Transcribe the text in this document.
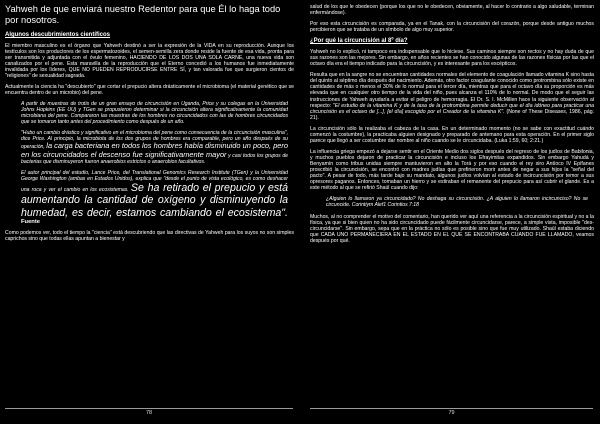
Yahweh de que enviará nuestro Redentor para que Él lo haga todo por nosotros.
Algunos descubrimientos científicos
El miembro masculino es el órgano que Yahweh destinó a ser la expresión de la VIDA en su reproducción. Aunque los testículos son los productores de los espermatozoides, el semen-semilla zera donde reside la fuente de esa vida, pronta para ser transmitida y adjuntada con el óvulo femenino, HACIENDO DE LOS DOS UNA SOLA CARNE, una nueva vida son canalizados por el pene. Esta maravilla de la reproducción que el Eterno concedió a los humanos fue inmediatamente invalidada por los líderes, QUE NO PUEDEN REPRODUCIRSE ENTRE SÍ, y tan valorada fue que surgieron cientos de "religiones" de sexualidad sagrada.
Actualmente la ciencia ha "descubierto" que cortar el prepucio altera drásticamente el microbioma (el material genético que se encuentra dentro de un microbio) del pene.
A partir de muestras de trotis de un gran ensayo de circuncisión en Uganda, Price y su colegas en la Universidad Johns Hopkins (EE UU) y TGen se propusieron determinar si la circuncisión altera significativamente la comunidad microbiana del pene. Compararon las muestras de los hombres no circuncidados con las de hombres circuncidados que se tomaron tanto antes del procedimiento como después de un año.
"Hubo un cambio drástico y significativo en el microbioma del pene como consecuencia de la circuncisión masculina", dice Price. Al principio, la microbiota de los dos grupos de hombres era comparable, pero un año después de su operación, la carga bacteriana en todos los hombres había disminuido un poco, pero en los circuncidados el descenso fue significativamente mayor y casi todos los grupos de bacterias que disminuyeron fueron anaerobios estrictos o anaerobios facultativos.
El autor principal del estudio, Lance Price, del Translational Genomics Research Institute (TGen) y la Universidad George Washington (ambas en Estados Unidos), explica que "desde el punto de vista ecológico, es como deshacer una roca y ver el cambio en los ecosistemas. Se ha retirado el prepucio y está aumentando la cantidad de oxígeno y disminuyendo la humedad, es decir, estamos cambiando el ecosistema". Fuente
Como podemos ver, todo el tiempo la "ciencia" está descubriendo que las directivas de Yahweh para los suyos no son simples caprichos sino que todas ellas apuntan a bienestar y
78
salud de los que le obedecen (porque los que no le obedecen, obviamente, al hacer lo contrario a algo saludable, terminan enfermándose).
Por eso esta circuncisión es comparada, ya en el Tanak, con la circuncisión del corazón, porque desde antiguo muchos percibieron que se trataba de un símbolo de algo muy superior.
¿Por qué la circuncisión al 8º día?
Yahweh no lo explicó, ni tampoco era indispensable que lo hiciese. Sus caminos siempre son rectos y no hay duda de que sus razones son las mejores. Sin embargo, en años recientes se han conocido algunas de las razones físicas por las que el octavo día era el tiempo indicado para la circuncisión, y es interesante para los escépticos.
Resulta que en la sangre no se encuentran cantidades normales del elemento de coagulación llamado vitamina K sino hasta del quinto al séptimo día después del nacimiento. Además, otro factor coagulante conocido como protrombina sólo existe en cantidades de más o menos el 30% de lo normal para el tercer día, mientras que para el octavo día su proporción es más elevada que en cualquier otro tiempo de la vida del niño, pues alcanza el 110% de lo normal. De modo que el seguir las instrucciones de Yahweh ayudaría a evitar el peligro de hemorragia. El Dr. S. I. McMillen hace la siguiente observación al respecto: "El estudio de la vitamina K y de la tasa de la protrombina permite deducir que el día idóneo para practicar una circuncisión es el octavo de [...], [el día] escogido por el Creador de la vitamina K". (None of These Diseases, 1986, pág. 21).
La circuncisión sólo la realizaba el cabeza de la casa. En un determinado momento (no se sabe con exactitud cuándo comenzó la costumbre), la practicaba alguien designado y preparado de antemano para esta operación. En el primer siglo parece que llegó a ser costumbre dar nombre al niño cuando se le circuncidaba. (Luka 1:59, 60; 2:21.)
La influencia griega empezó a dejarse sentir en el Oriente Medio dos siglos después del regreso de los judíos de Babilonia, y muchos pueblos dejaron de practicar la circuncisión e incluso los Efrayimitas expandidos. Sin embargo Yahudá y Benyamín como tribus unidas siempre mantuvieron en alto la Torá y por eso cuando el rey siro Antíoco IV Epífanes proscribió la circuncisión, se encontró con madres judías que prefirieron morir antes de negar a sus hijos la "señal del pacto". A pesar de todo, más tarde bajo su mandato, algunos judíos volvían al estado de incircuncisión por temor a sus opresores paganos. Entonces, tomaban un hierro y se estiraban el remanente del prepucio para así cubrir el glande. Es a este método al que se refirió Shaúl cuando dijo:
¿Alguien lo llamaron ya circuncidado? No deshaga su circuncisión. ¿A alguien lo llamaron incircunciso? No se circuncide. Corintiym Alef1 Corintios 7:18
Muchos, al no comprender el motivo del comentario, han querido ver aquí una referencia a la circuncisión espiritual y no a la física, ya que si bien quien no ha sido circuncidado puede fácilmente circuncidarse, parece, a simple vista, imposible "des-circuncidarse". Sin embargo, sepa que en la práctica no sólo es posible sino que fue muy utilizado. Shaúl estaba diciendo que CADA UNO PERMANECIERA EN EL ESTADO EN EL QUE SE ENCONTRABA CUANDO FUE LLAMADO, veamos después por qué.
79
